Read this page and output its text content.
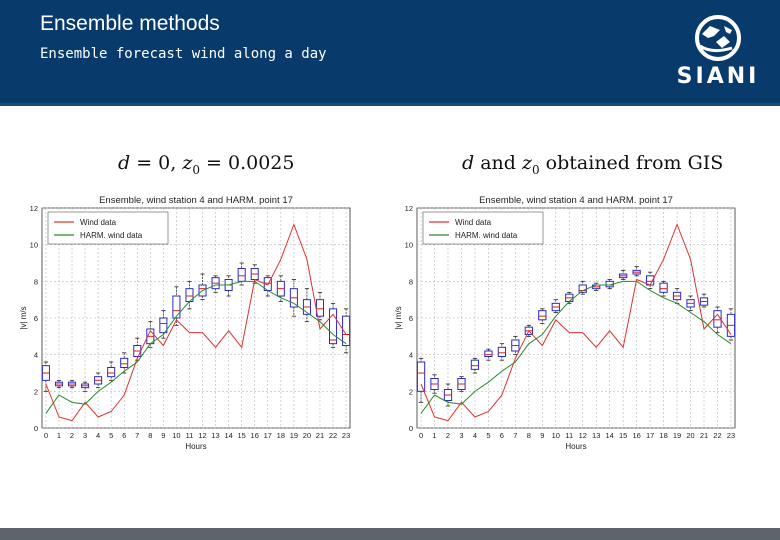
Ensemble methods
Ensemble forecast wind along a day
SIANI
d = 0, $z_0 = 0.0025$	d and $z_0$ obtained from GIS
Ensemble, wind station 4 and HARM. point 17
0
2
4
6
8
10
12
0 1 2 3 4 5 6 7 8 9 10 11 12 13 14 15 16 17 18 19 20 21 22 23
Hours
|v| m/s
Wind data
HARM. wind data
Ensemble, wind station 4 and HARM. point 17
0
2
4
6
8
10
12
0 1 2 3 4 5 6 7 8 9 10 11 12 13 14 15 16 17 18 19 20 21 22 23
Hours
|v| m/s
Wind data
HARM. wind data
